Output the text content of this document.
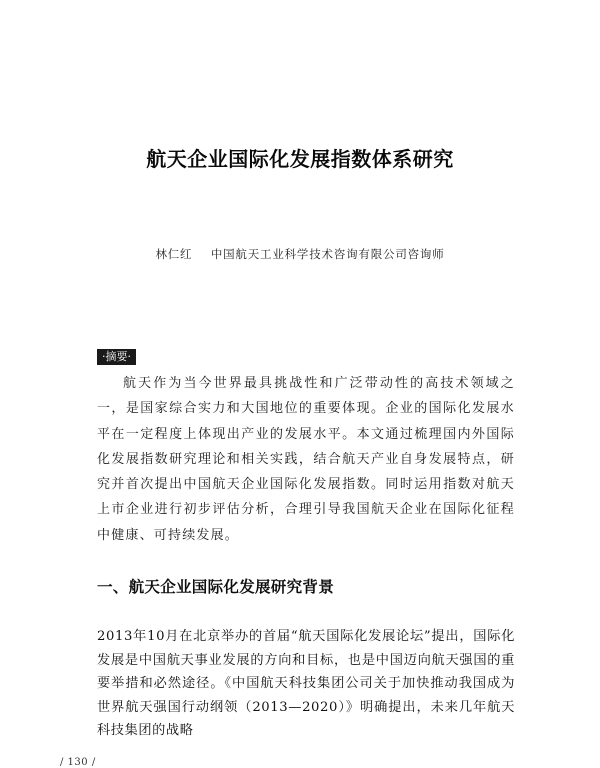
航天企业国际化发展指数体系研究
林仁红 中国航天工业科学技术咨询有限公司咨询师
·摘要·
航天作为当今世界最具挑战性和广泛带动性的高技术领域之一，是国家综合实力和大国地位的重要体现。企业的国际化发展水平在一定程度上体现出产业的发展水平。本文通过梳理国内外国际化发展指数研究理论和相关实践，结合航天产业自身发展特点，研究并首次提出中国航天企业国际化发展指数。同时运用指数对航天上市企业进行初步评估分析，合理引导我国航天企业在国际化征程中健康、可持续发展。
一、航天企业国际化发展研究背景
2013年10月在北京举办的首届“航天国际化发展论坛”提出，国际化发展是中国航天事业发展的方向和目标，也是中国迈向航天强国的重要举措和必然途径。《中国航天科技集团公司关于加快推动我国成为世界航天强国行动纲领（2013—2020）》明确提出，未来几年航天科技集团的战略
/ 130 /
